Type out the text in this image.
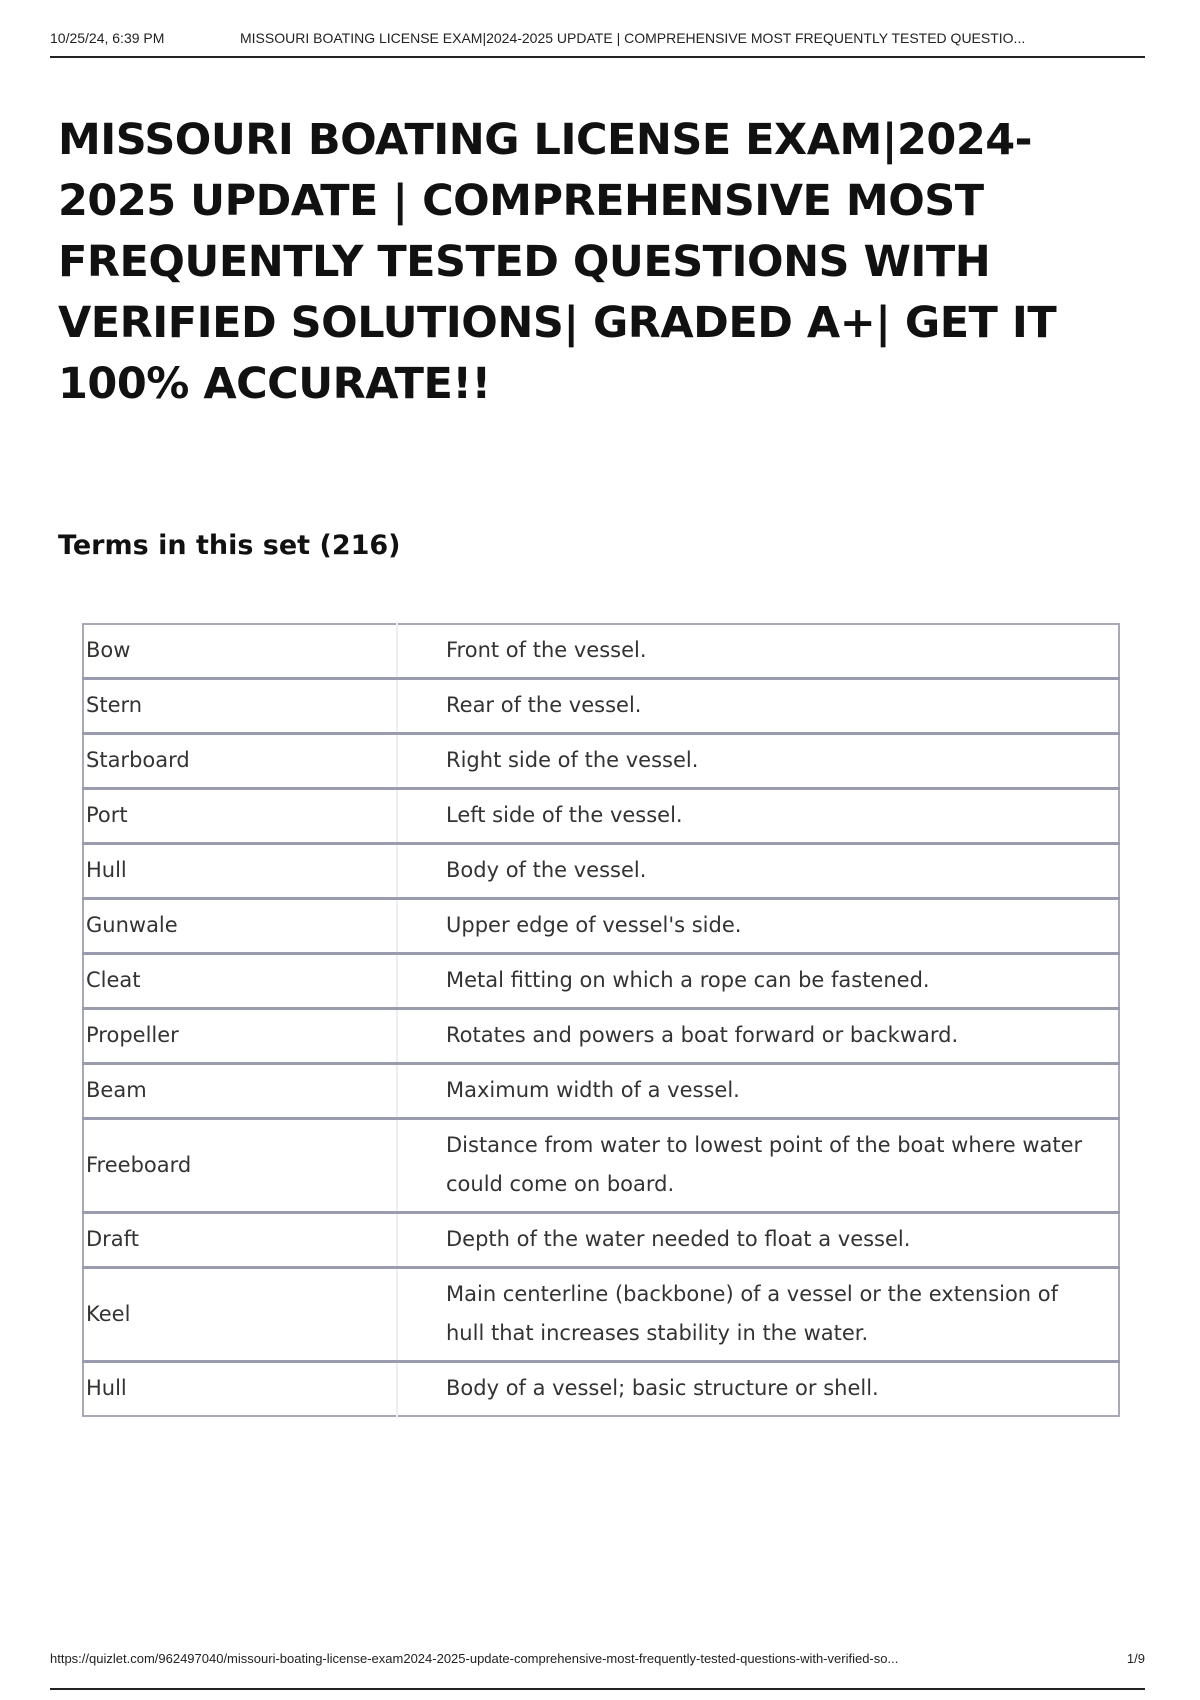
10/25/24, 6:39 PM	MISSOURI BOATING LICENSE EXAM|2024-2025 UPDATE | COMPREHENSIVE MOST FREQUENTLY TESTED QUESTIO...
MISSOURI BOATING LICENSE EXAM|2024-2025 UPDATE | COMPREHENSIVE MOST FREQUENTLY TESTED QUESTIONS WITH VERIFIED SOLUTIONS| GRADED A+| GET IT 100% ACCURATE!!
Terms in this set (216)
Bow	Front of the vessel.
Stern	Rear of the vessel.
Starboard	Right side of the vessel.
Port	Left side of the vessel.
Hull	Body of the vessel.
Gunwale	Upper edge of vessel's side.
Cleat	Metal fitting on which a rope can be fastened.
Propeller	Rotates and powers a boat forward or backward.
Beam	Maximum width of a vessel.
Freeboard	Distance from water to lowest point of the boat where water could come on board.
Draft	Depth of the water needed to float a vessel.
Keel	Main centerline (backbone) of a vessel or the extension of hull that increases stability in the water.
Hull	Body of a vessel; basic structure or shell.
https://quizlet.com/962497040/missouri-boating-license-exam2024-2025-update-comprehensive-most-frequently-tested-questions-with-verified-so...	1/9
